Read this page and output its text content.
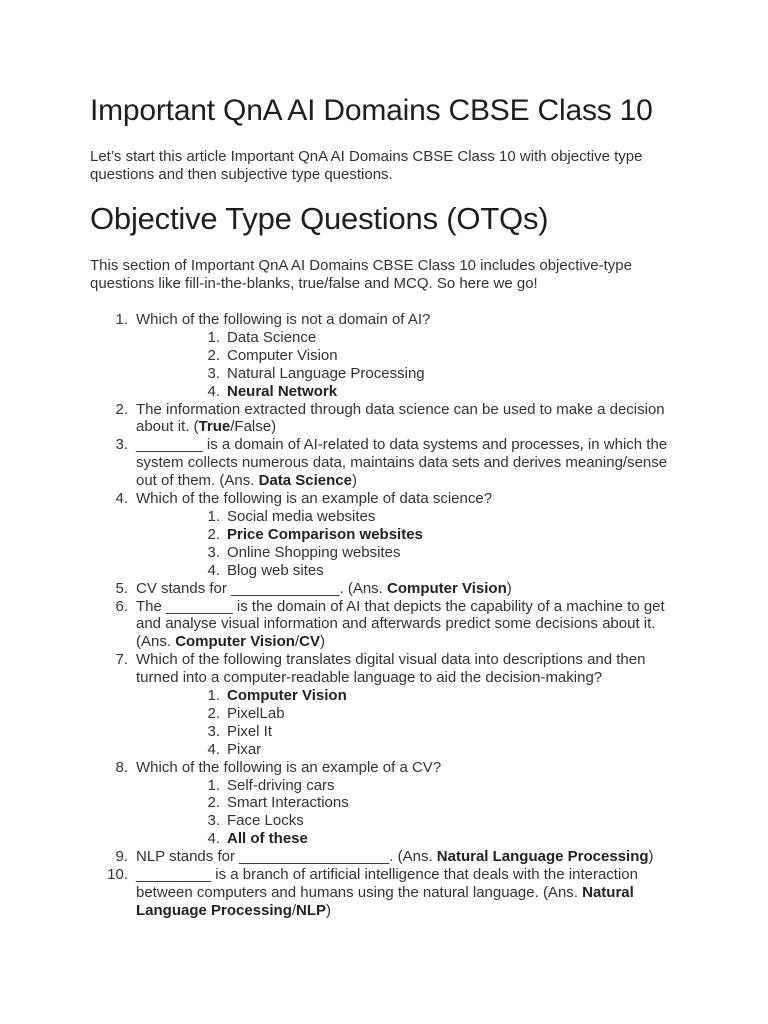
Important QnA AI Domains CBSE Class 10

Let’s start this article Important QnA AI Domains CBSE Class 10 with objective type questions and then subjective type questions.

Objective Type Questions (OTQs)

This section of Important QnA AI Domains CBSE Class 10 includes objective-type questions like fill-in-the-blanks, true/false and MCQ. So here we go!

1. Which of the following is not a domain of AI?
1. Data Science
2. Computer Vision
3. Natural Language Processing
4. Neural Network
2. The information extracted through data science can be used to make a decision about it. (True/False)
3. ________ is a domain of AI-related to data systems and processes, in which the system collects numerous data, maintains data sets and derives meaning/sense out of them. (Ans. Data Science)
4. Which of the following is an example of data science?
1. Social media websites
2. Price Comparison websites
3. Online Shopping websites
4. Blog web sites
5. CV stands for _____________. (Ans. Computer Vision)
6. The ________ is the domain of AI that depicts the capability of a machine to get and analyse visual information and afterwards predict some decisions about it. (Ans. Computer Vision/CV)
7. Which of the following translates digital visual data into descriptions and then turned into a computer-readable language to aid the decision-making?
1. Computer Vision
2. PixelLab
3. Pixel It
4. Pixar
8. Which of the following is an example of a CV?
1. Self-driving cars
2. Smart Interactions
3. Face Locks
4. All of these
9. NLP stands for __________________. (Ans. Natural Language Processing)
10. _________ is a branch of artificial intelligence that deals with the interaction between computers and humans using the natural language. (Ans. Natural Language Processing/NLP)
